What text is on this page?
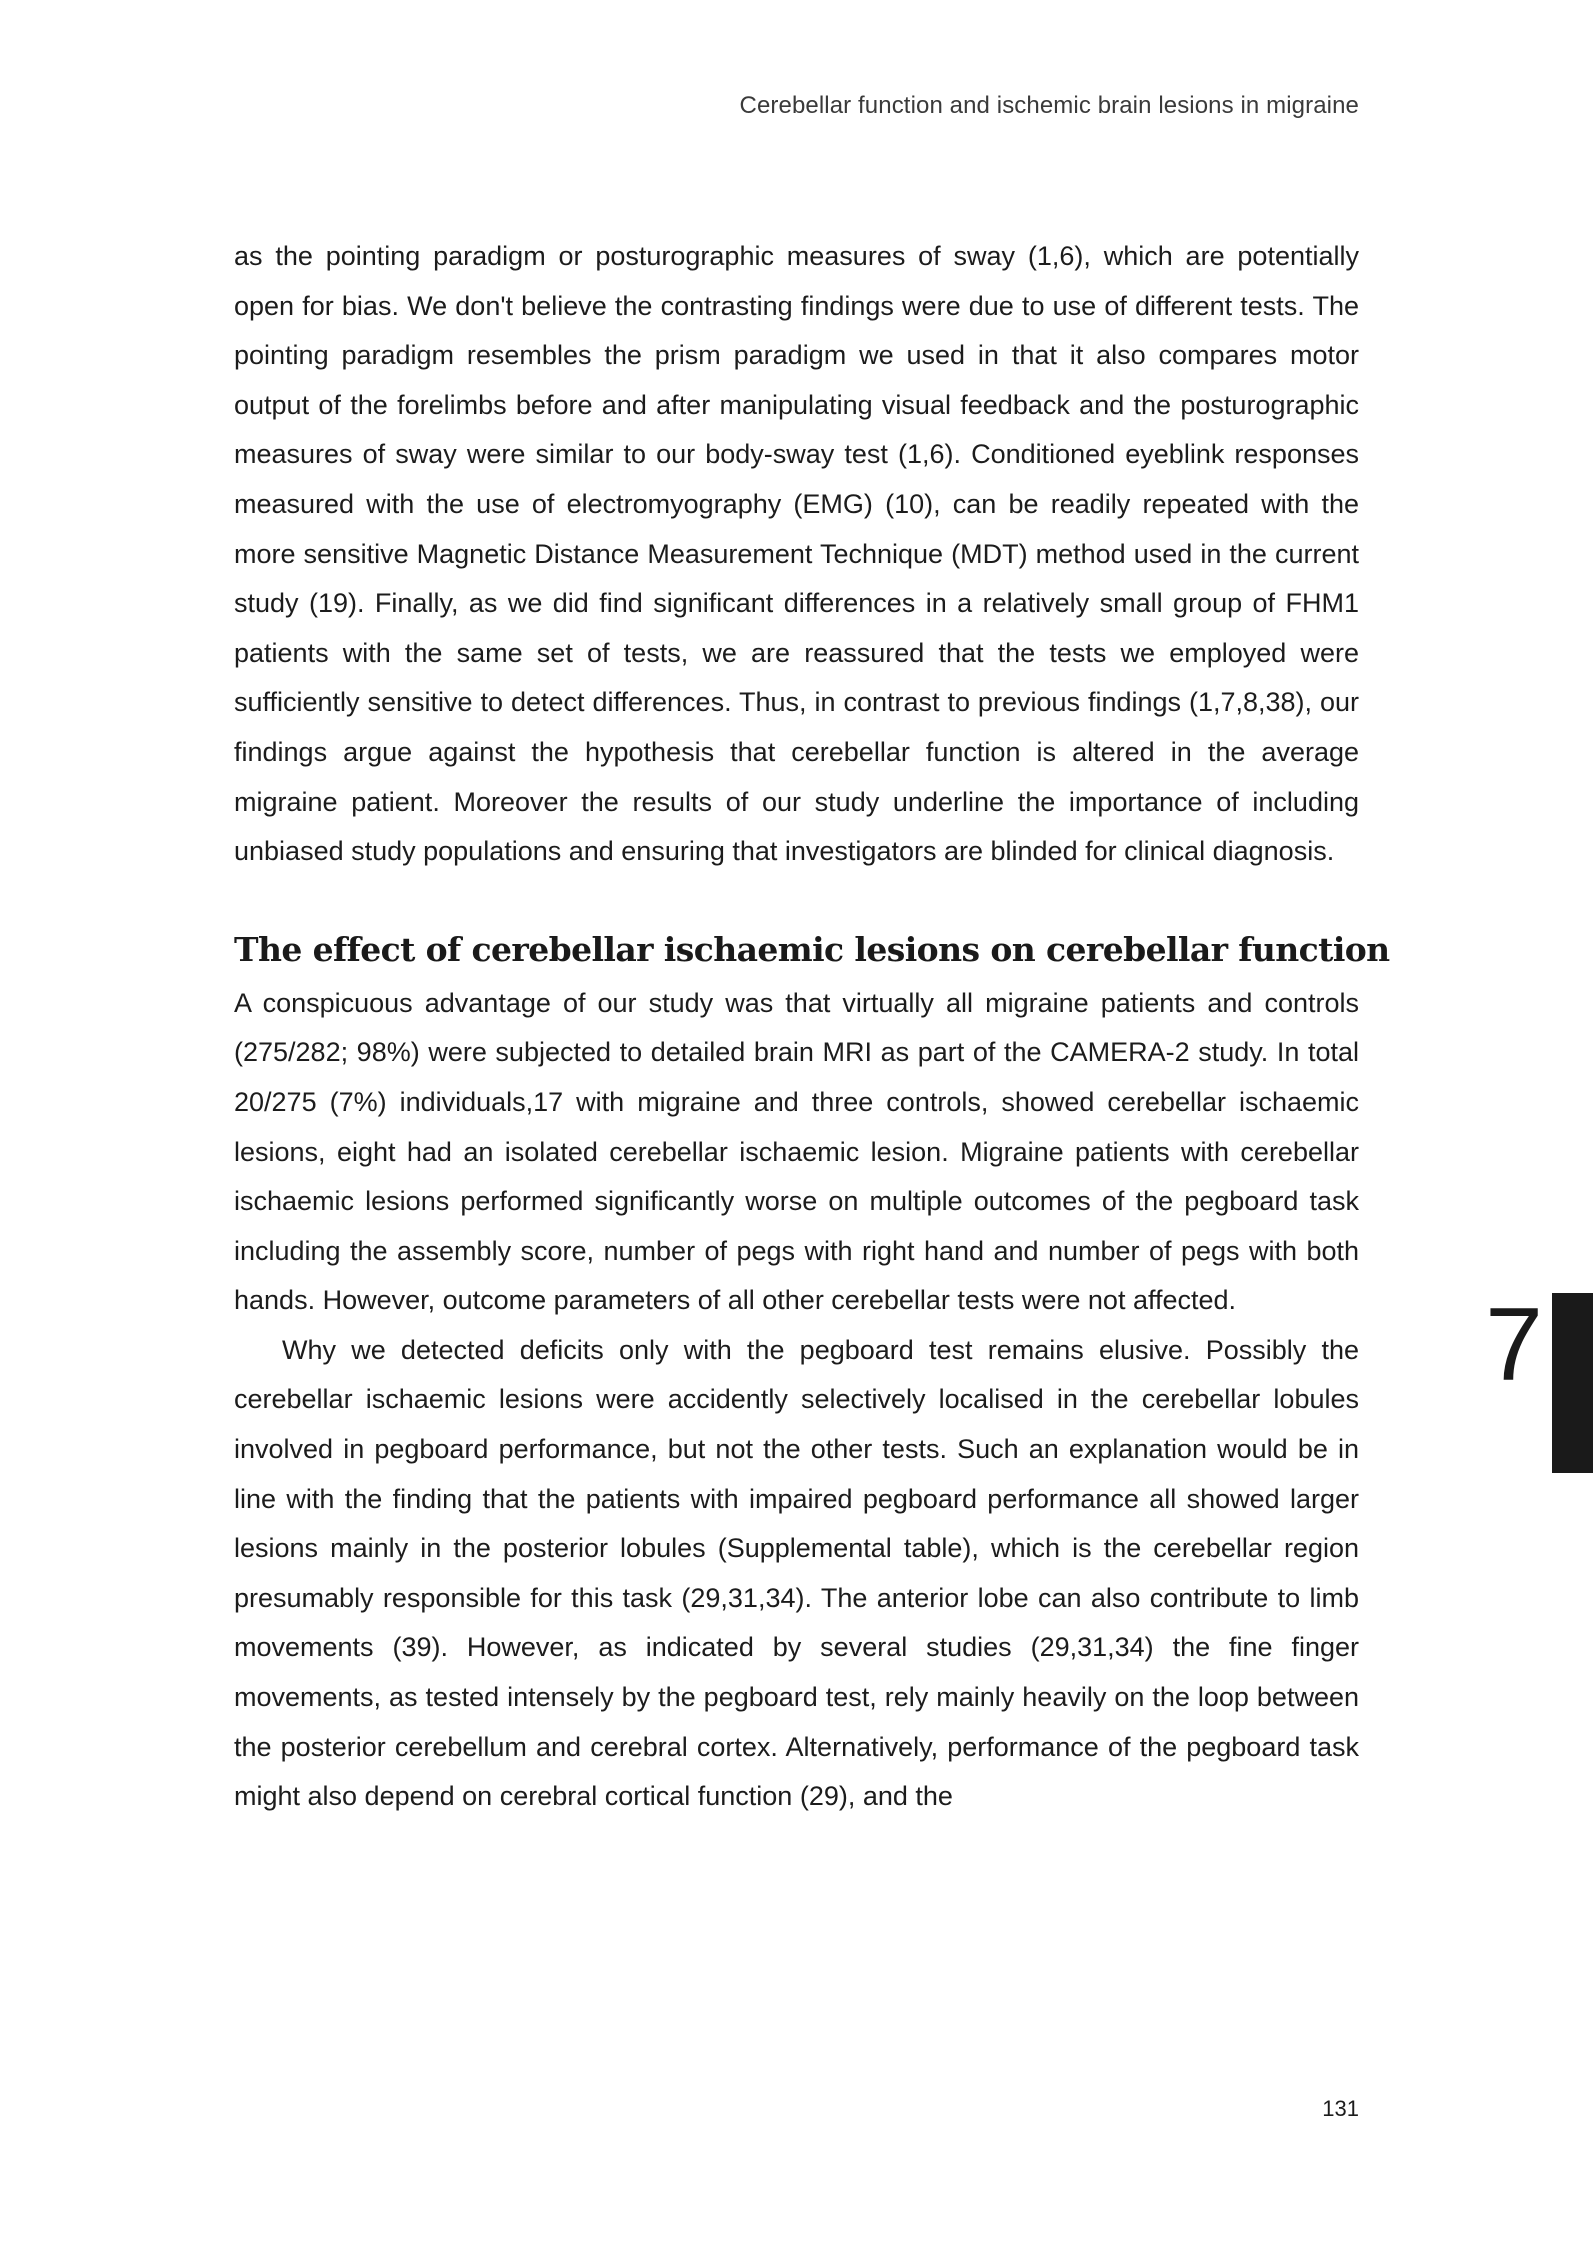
Cerebellar function and ischemic brain lesions in migraine

as the pointing paradigm or posturographic measures of sway (1,6), which are potentially open for bias. We don't believe the contrasting findings were due to use of different tests. The pointing paradigm resembles the prism paradigm we used in that it also compares motor output of the forelimbs before and after manipulating visual feedback and the posturographic measures of sway were similar to our body-sway test (1,6). Conditioned eyeblink responses measured with the use of electromyography (EMG) (10), can be readily repeated with the more sensitive Magnetic Distance Measurement Technique (MDT) method used in the current study (19). Finally, as we did find significant differences in a relatively small group of FHM1 patients with the same set of tests, we are reassured that the tests we employed were sufficiently sensitive to detect differences. Thus, in contrast to previous findings (1,7,8,38), our findings argue against the hypothesis that cerebellar function is altered in the average migraine patient. Moreover the results of our study underline the importance of including unbiased study populations and ensuring that investigators are blinded for clinical diagnosis.

The effect of cerebellar ischaemic lesions on cerebellar function

A conspicuous advantage of our study was that virtually all migraine patients and controls (275/282; 98%) were subjected to detailed brain MRI as part of the CAMERA-2 study. In total 20/275 (7%) individuals,17 with migraine and three controls, showed cerebellar ischaemic lesions, eight had an isolated cerebellar ischaemic lesion. Migraine patients with cerebellar ischaemic lesions performed significantly worse on multiple outcomes of the pegboard task including the assembly score, number of pegs with right hand and number of pegs with both hands. However, outcome parameters of all other cerebellar tests were not affected.

Why we detected deficits only with the pegboard test remains elusive. Possibly the cerebellar ischaemic lesions were accidently selectively localised in the cerebellar lobules involved in pegboard performance, but not the other tests. Such an explanation would be in line with the finding that the patients with impaired pegboard performance all showed larger lesions mainly in the posterior lobules (Supplemental table), which is the cerebellar region presumably responsible for this task (29,31,34). The anterior lobe can also contribute to limb movements (39). However, as indicated by several studies (29,31,34) the fine finger movements, as tested intensely by the pegboard test, rely mainly heavily on the loop between the posterior cerebellum and cerebral cortex. Alternatively, performance of the pegboard task might also depend on cerebral cortical function (29), and the

7
131
